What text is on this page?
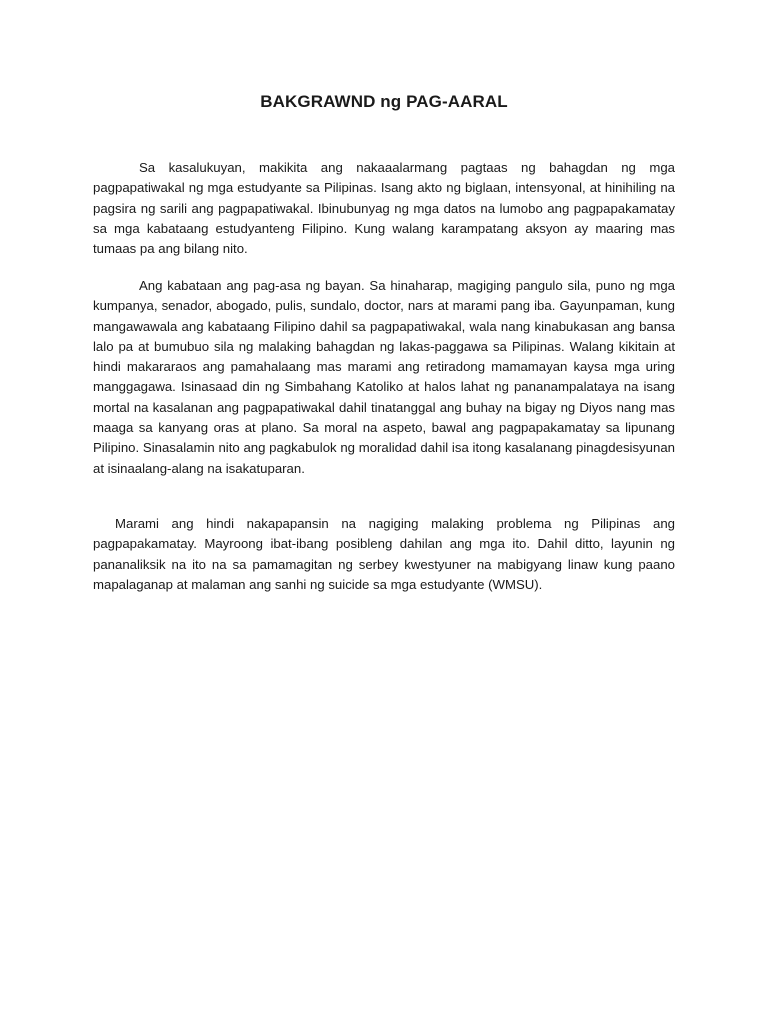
BAKGRAWND ng PAG-AARAL

Sa kasalukuyan, makikita ang nakaaalarmang pagtaas ng bahagdan ng mga pagpapatiwakal ng mga estudyante sa Pilipinas. Isang akto ng biglaan, intensyonal, at hinihiling na pagsira ng sarili ang pagpapatiwakal. Ibinubunyag ng mga datos na lumobo ang pagpapakamatay sa mga kabataang estudyanteng Filipino. Kung walang karampatang aksyon ay maaring mas tumaas pa ang bilang nito.

Ang kabataan ang pag-asa ng bayan. Sa hinaharap, magiging pangulo sila, puno ng mga kumpanya, senador, abogado, pulis, sundalo, doctor, nars at marami pang iba. Gayunpaman, kung mangawawala ang kabataang Filipino dahil sa pagpapatiwakal, wala nang kinabukasan ang bansa lalo pa at bumubuo sila ng malaking bahagdan ng lakas-paggawa sa Pilipinas. Walang kikitain at hindi makararaos ang pamahalaang mas marami ang retiradong mamamayan kaysa mga uring manggagawa. Isinasaad din ng Simbahang Katoliko at halos lahat ng pananampalataya na isang mortal na kasalanan ang pagpapatiwakal dahil tinatanggal ang buhay na bigay ng Diyos nang mas maaga sa kanyang oras at plano. Sa moral na aspeto, bawal ang pagpapakamatay sa lipunang Pilipino. Sinasalamin nito ang pagkabulok ng moralidad dahil isa itong kasalanang pinagdesisyunan at isinaalang-alang na isakatuparan.

Marami ang hindi nakapapansin na nagiging malaking problema ng Pilipinas ang pagpapakamatay. Mayroong ibat-ibang posibleng dahilan ang mga ito. Dahil ditto, layunin ng pananaliksik na ito na sa pamamagitan ng serbey kwestyuner na mabigyang linaw kung paano mapalaganap at malaman ang sanhi ng suicide sa mga estudyante (WMSU).
